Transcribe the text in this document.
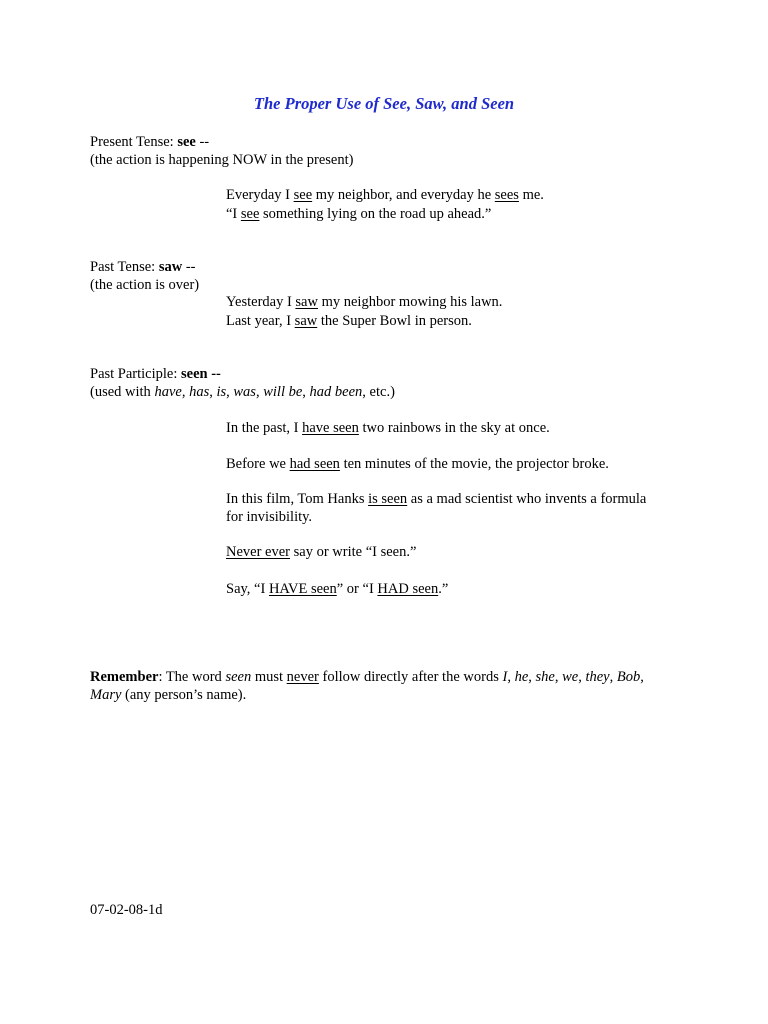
The Proper Use of See, Saw, and Seen
Present Tense: see --
(the action is happening NOW in the present)
Everyday I see my neighbor, and everyday he sees me.
“I see something lying on the road up ahead.”
Past Tense: saw --
(the action is over)
Yesterday I saw my neighbor mowing his lawn.
Last year, I saw the Super Bowl in person.
Past Participle: seen --
(used with have, has, is, was, will be, had been, etc.)
In the past, I have seen two rainbows in the sky at once.
Before we had seen ten minutes of the movie, the projector broke.
In this film, Tom Hanks is seen as a mad scientist who invents a formula
for invisibility.
Never ever say or write “I seen.”
Say, “I HAVE seen” or “I HAD seen.”
Remember: The word seen must never follow directly after the words I, he, she, we, they, Bob,
Mary (any person’s name).
07-02-08-1d
